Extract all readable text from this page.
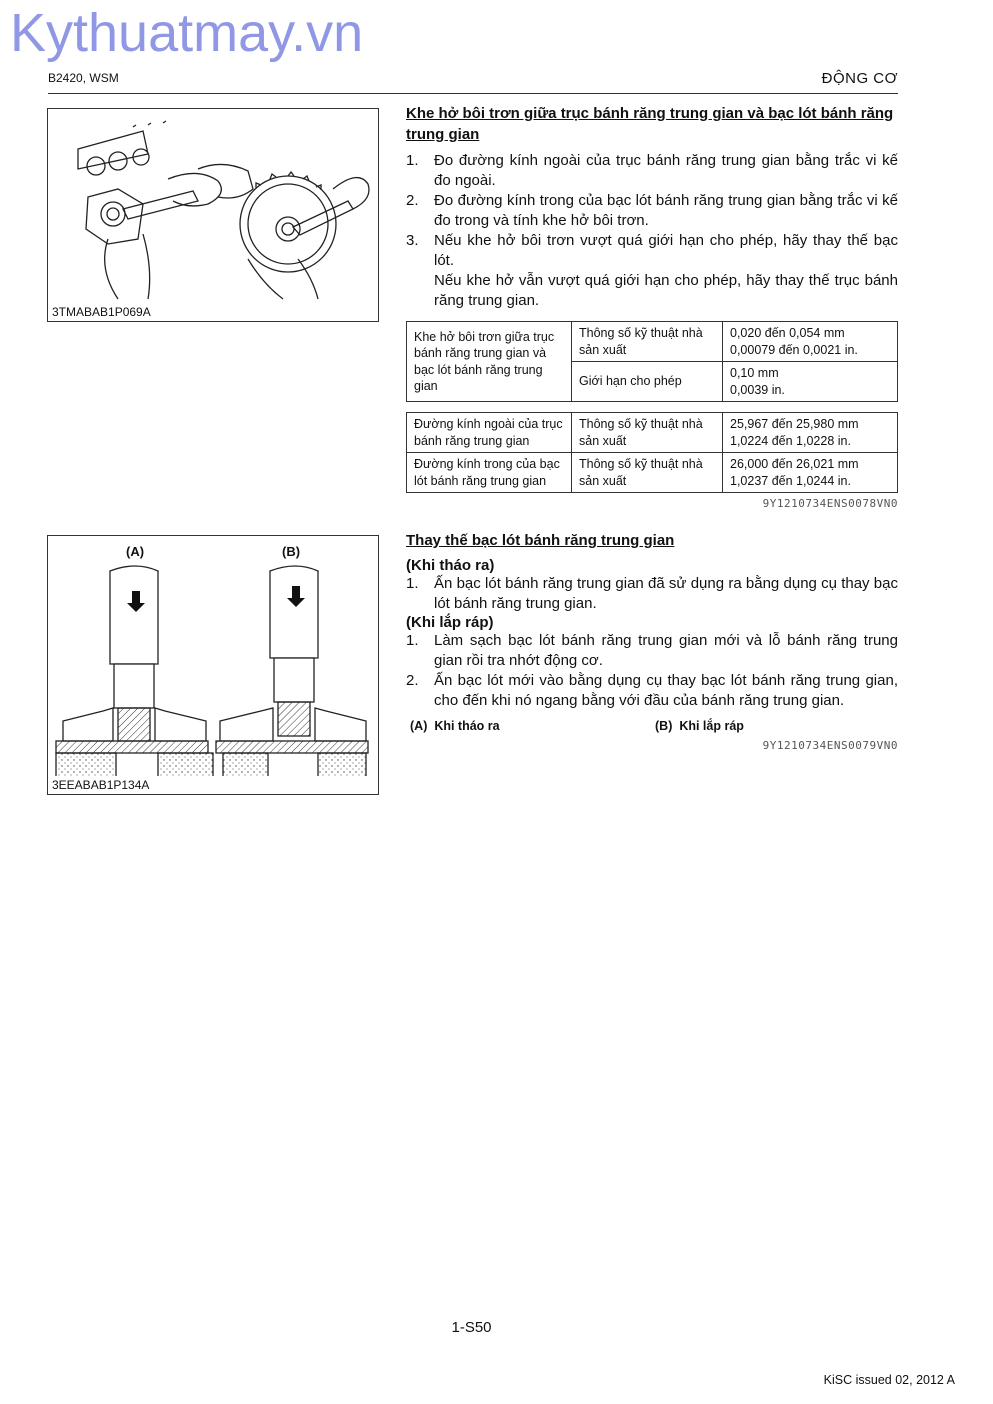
Kythuatmay.vn
B2420, WSM	ĐỘNG CƠ
3TMABAB1P069A
(A)	(B)
3EEABAB1P134A
Khe hở bôi trơn giữa trục bánh răng trung gian và bạc lót bánh răng trung gian
1. Đo đường kính ngoài của trục bánh răng trung gian bằng trắc vi kế đo ngoài.
2. Đo đường kính trong của bạc lót bánh răng trung gian bằng trắc vi kế đo trong và tính khe hở bôi trơn.
3. Nếu khe hở bôi trơn vượt quá giới hạn cho phép, hãy thay thế bạc lót.
Nếu khe hở vẫn vượt quá giới hạn cho phép, hãy thay thế trục bánh răng trung gian.
Khe hở bôi trơn giữa trục bánh răng trung gian và bạc lót bánh răng trung gian	Thông số kỹ thuật nhà sản xuất	0,020 đến 0,054 mm
0,00079 đến 0,0021 in.
	Giới hạn cho phép	0,10 mm
0,0039 in.
Đường kính ngoài của trục bánh răng trung gian	Thông số kỹ thuật nhà sản xuất	25,967 đến 25,980 mm
1,0224 đến 1,0228 in.
Đường kính trong của bạc lót bánh răng trung gian	Thông số kỹ thuật nhà sản xuất	26,000 đến 26,021 mm
1,0237 đến 1,0244 in.
9Y1210734ENS0078VN0
Thay thế bạc lót bánh răng trung gian
(Khi tháo ra)
1. Ấn bạc lót bánh răng trung gian đã sử dụng ra bằng dụng cụ thay bạc lót bánh răng trung gian.
(Khi lắp ráp)
1. Làm sạch bạc lót bánh răng trung gian mới và lỗ bánh răng trung gian rồi tra nhớt động cơ.
2. Ấn bạc lót mới vào bằng dụng cụ thay bạc lót bánh răng trung gian, cho đến khi nó ngang bằng với đầu của bánh răng trung gian.
(A) Khi tháo ra	(B) Khi lắp ráp
9Y1210734ENS0079VN0
1-S50
KiSC issued 02, 2012 A
